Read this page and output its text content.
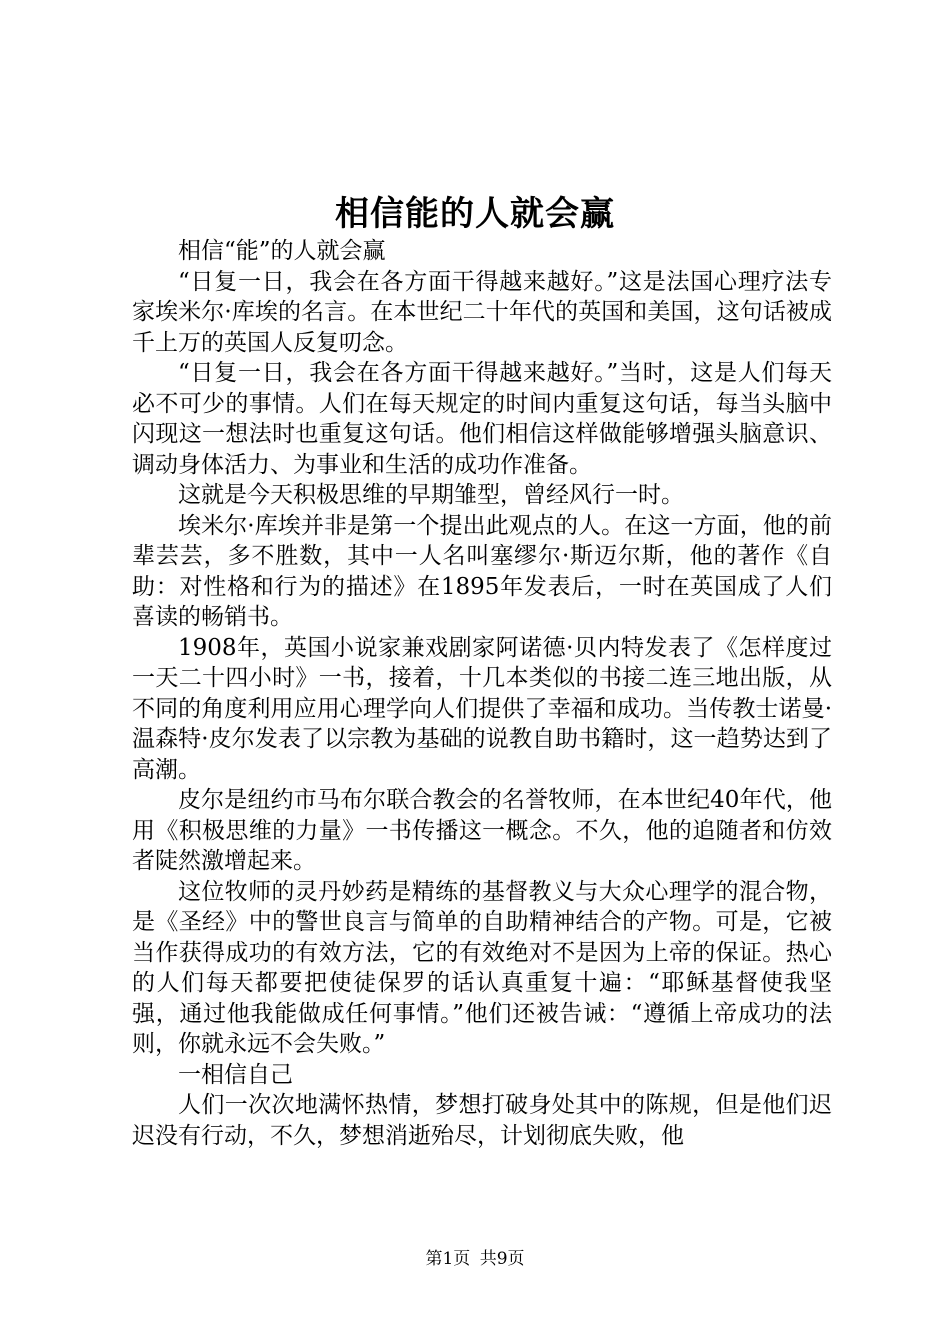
相信能的人就会赢

相信“能”的人就会赢

“日复一日，我会在各方面干得越来越好。”这是法国心理疗法专家埃米尔·库埃的名言。在本世纪二十年代的英国和美国，这句话被成千上万的英国人反复叨念。

“日复一日，我会在各方面干得越来越好。”当时，这是人们每天必不可少的事情。人们在每天规定的时间内重复这句话，每当头脑中闪现这一想法时也重复这句话。他们相信这样做能够增强头脑意识、调动身体活力、为事业和生活的成功作准备。

这就是今天积极思维的早期雏型，曾经风行一时。

埃米尔·库埃并非是第一个提出此观点的人。在这一方面，他的前辈芸芸，多不胜数，其中一人名叫塞缪尔·斯迈尔斯，他的著作《自助：对性格和行为的描述》在1895年发表后，一时在英国成了人们喜读的畅销书。

1908年，英国小说家兼戏剧家阿诺德·贝内特发表了《怎样度过一天二十四小时》一书，接着，十几本类似的书接二连三地出版，从不同的角度利用应用心理学向人们提供了幸福和成功。当传教士诺曼·温森特·皮尔发表了以宗教为基础的说教自助书籍时，这一趋势达到了高潮。

皮尔是纽约市马布尔联合教会的名誉牧师，在本世纪40年代，他用《积极思维的力量》一书传播这一概念。不久，他的追随者和仿效者陡然激增起来。

这位牧师的灵丹妙药是精练的基督教义与大众心理学的混合物，是《圣经》中的警世良言与简单的自助精神结合的产物。可是，它被当作获得成功的有效方法，它的有效绝对不是因为上帝的保证。热心的人们每天都要把使徒保罗的话认真重复十遍：“耶稣基督使我坚强，通过他我能做成任何事情。”他们还被告诫：“遵循上帝成功的法则，你就永远不会失败。”

一相信自己

人们一次次地满怀热情，梦想打破身处其中的陈规，但是他们迟迟没有行动，不久，梦想消逝殆尽，计划彻底失败，他

第1页 共9页
